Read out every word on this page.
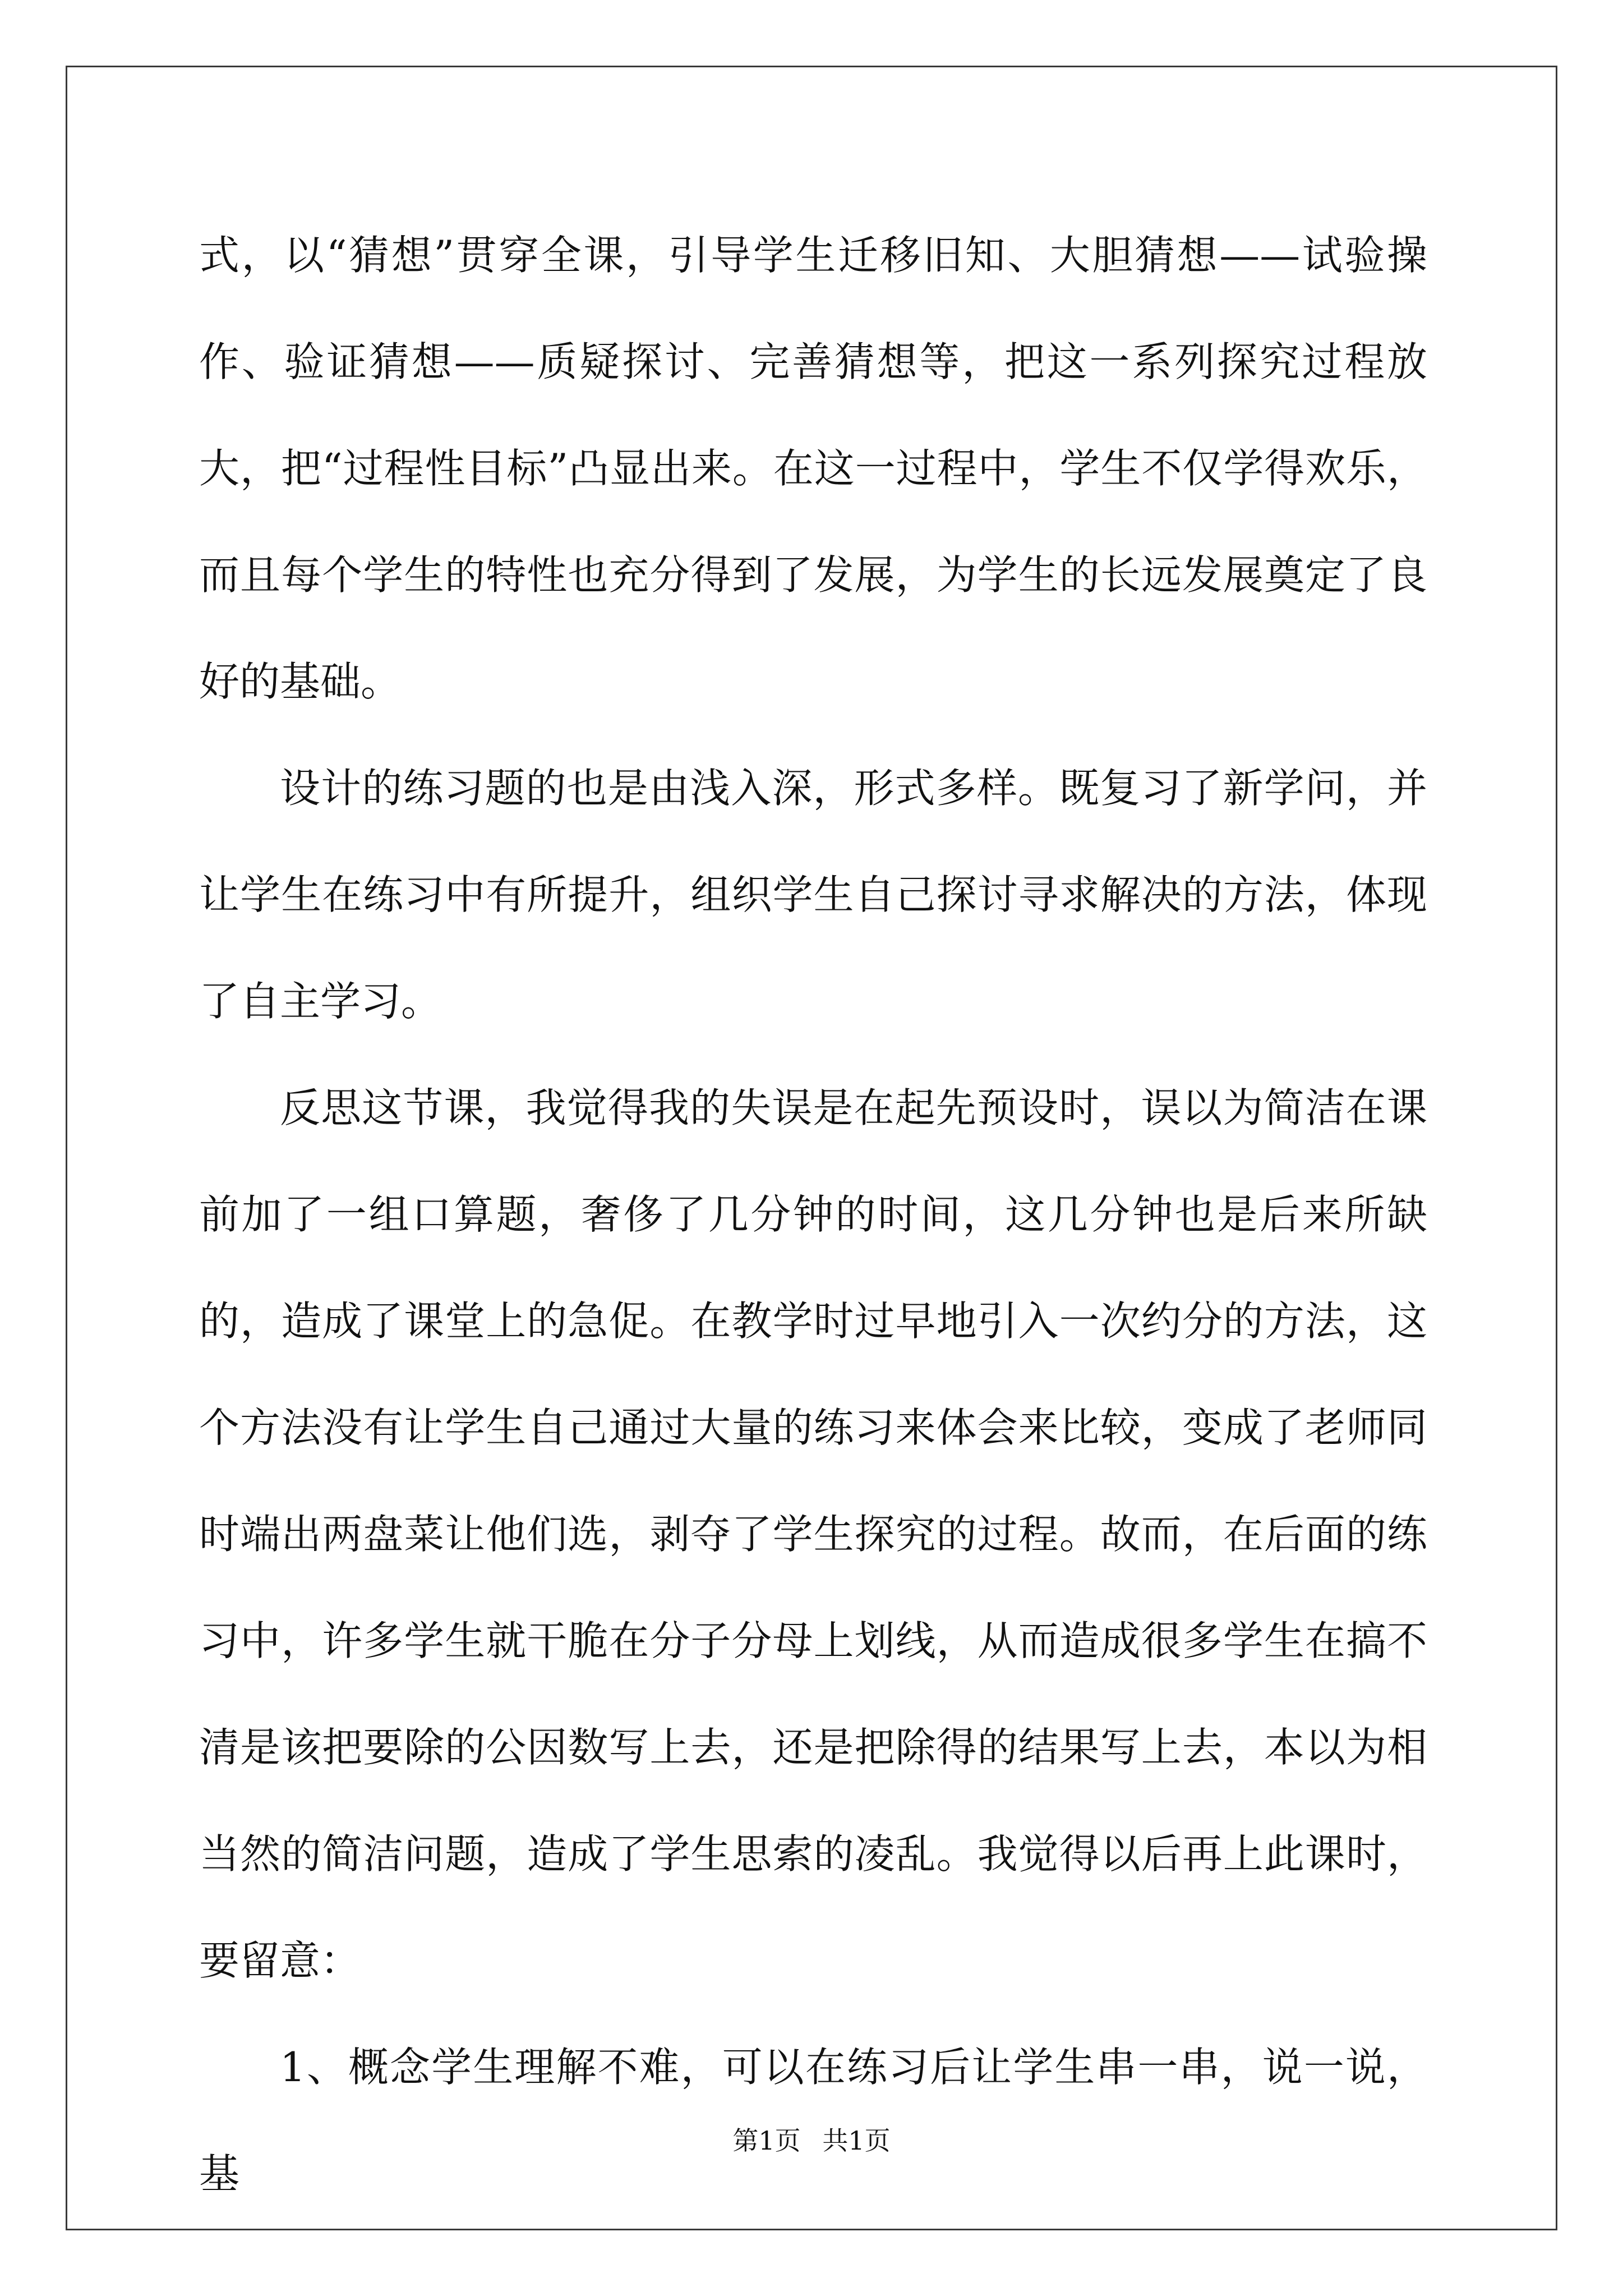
式，以“猜想”贯穿全课，引导学生迁移旧知、大胆猜想——试验操作、验证猜想——质疑探讨、完善猜想等，把这一系列探究过程放大，把“过程性目标”凸显出来。在这一过程中，学生不仅学得欢乐，而且每个学生的特性也充分得到了发展，为学生的长远发展奠定了良好的基础。

设计的练习题的也是由浅入深，形式多样。既复习了新学问，并让学生在练习中有所提升，组织学生自己探讨寻求解决的方法，体现了自主学习。

反思这节课，我觉得我的失误是在起先预设时，误以为简洁在课前加了一组口算题，奢侈了几分钟的时间，这几分钟也是后来所缺的，造成了课堂上的急促。在教学时过早地引入一次约分的方法，这个方法没有让学生自己通过大量的练习来体会来比较，变成了老师同时端出两盘菜让他们选，剥夺了学生探究的过程。故而，在后面的练习中，许多学生就干脆在分子分母上划线，从而造成很多学生在搞不清是该把要除的公因数写上去，还是把除得的结果写上去，本以为相当然的简洁问题，造成了学生思索的凌乱。我觉得以后再上此课时，要留意：

1、概念学生理解不难，可以在练习后让学生串一串，说一说，基

第1页 共1页
